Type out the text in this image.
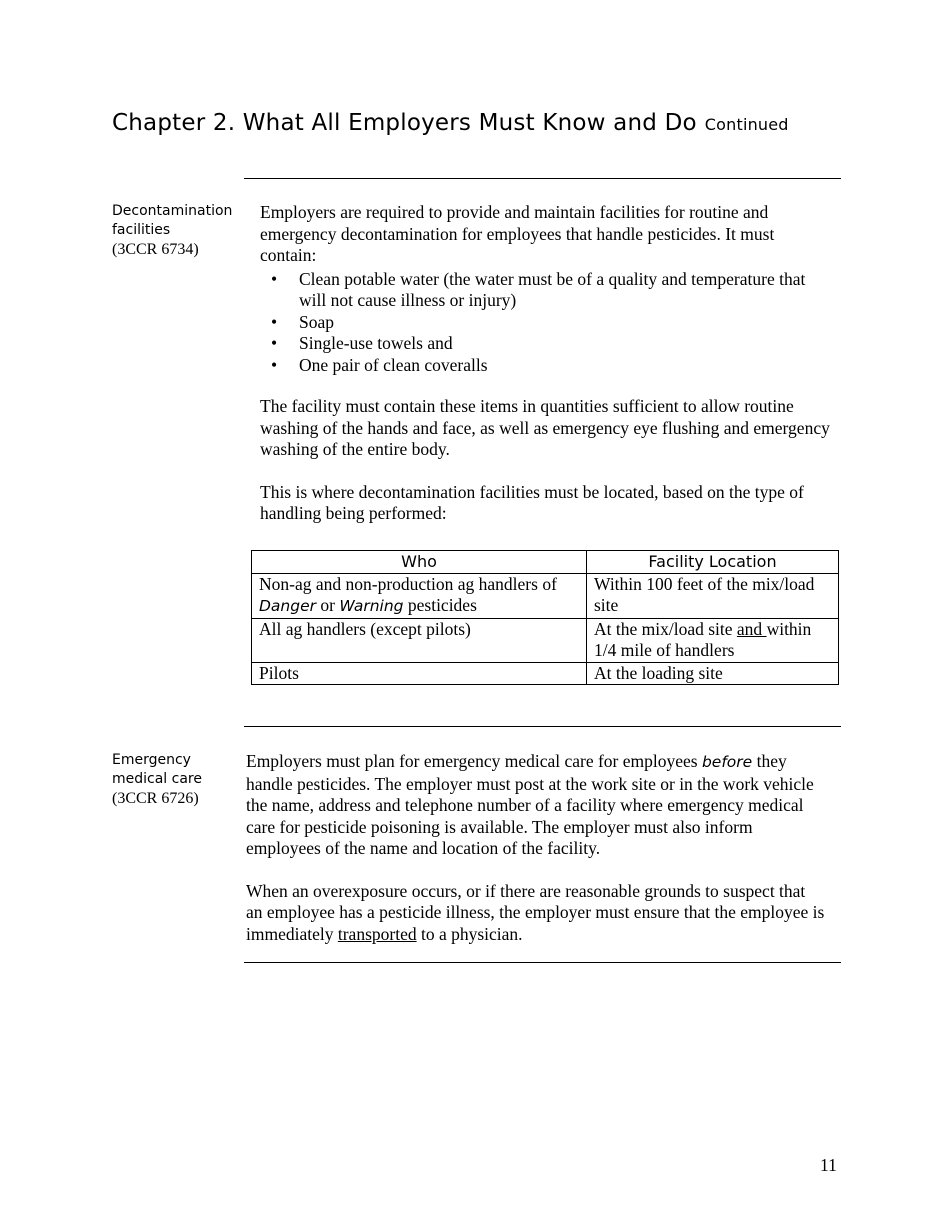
Chapter 2. What All Employers Must Know and Do Continued
Decontamination
facilities
(3CCR 6734)

Employers are required to provide and maintain facilities for routine and emergency decontamination for employees that handle pesticides. It must contain:

• Clean potable water (the water must be of a quality and temperature that will not cause illness or injury)
• Soap
• Single-use towels and
• One pair of clean coveralls

The facility must contain these items in quantities sufficient to allow routine washing of the hands and face, as well as emergency eye flushing and emergency washing of the entire body.

This is where decontamination facilities must be located, based on the type of handling being performed:

Who	Facility Location
Non-ag and non-production ag handlers of Danger or Warning pesticides	Within 100 feet of the mix/load site
All ag handlers (except pilots)	At the mix/load site and within 1/4 mile of handlers
Pilots	At the loading site
Emergency
medical care
(3CCR 6726)

Employers must plan for emergency medical care for employees before they handle pesticides. The employer must post at the work site or in the work vehicle the name, address and telephone number of a facility where emergency medical care for pesticide poisoning is available. The employer must also inform employees of the name and location of the facility.

When an overexposure occurs, or if there are reasonable grounds to suspect that an employee has a pesticide illness, the employer must ensure that the employee is immediately transported to a physician.

11
